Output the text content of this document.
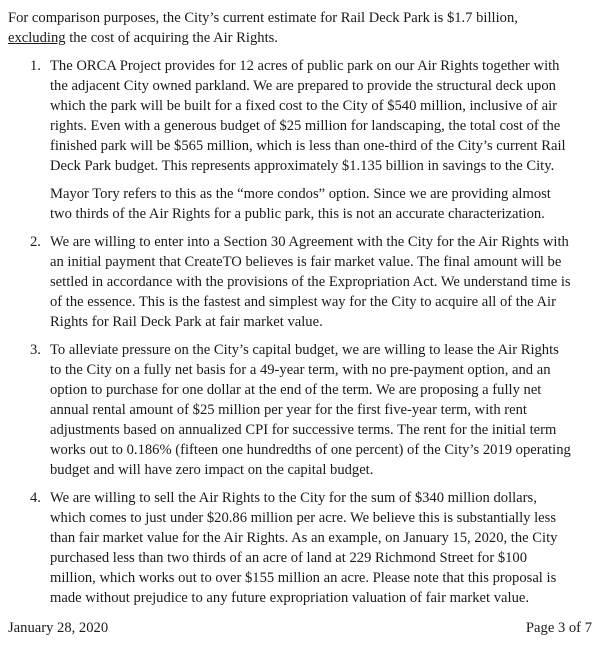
For comparison purposes, the City’s current estimate for Rail Deck Park is $1.7 billion,
excluding the cost of acquiring the Air Rights.
1. The ORCA Project provides for 12 acres of public park on our Air Rights together with
the adjacent City owned parkland. We are prepared to provide the structural deck upon
which the park will be built for a fixed cost to the City of $540 million, inclusive of air
rights. Even with a generous budget of $25 million for landscaping, the total cost of the
finished park will be $565 million, which is less than one-third of the City’s current Rail
Deck Park budget. This represents approximately $1.135 billion in savings to the City.
Mayor Tory refers to this as the “more condos” option. Since we are providing almost
two thirds of the Air Rights for a public park, this is not an accurate characterization.
2. We are willing to enter into a Section 30 Agreement with the City for the Air Rights with
an initial payment that CreateTO believes is fair market value. The final amount will be
settled in accordance with the provisions of the Expropriation Act. We understand time is
of the essence. This is the fastest and simplest way for the City to acquire all of the Air
Rights for Rail Deck Park at fair market value.
3. To alleviate pressure on the City’s capital budget, we are willing to lease the Air Rights
to the City on a fully net basis for a 49-year term, with no pre-payment option, and an
option to purchase for one dollar at the end of the term. We are proposing a fully net
annual rental amount of $25 million per year for the first five-year term, with rent
adjustments based on annualized CPI for successive terms. The rent for the initial term
works out to 0.186% (fifteen one hundredths of one percent) of the City’s 2019 operating
budget and will have zero impact on the capital budget.
4. We are willing to sell the Air Rights to the City for the sum of $340 million dollars,
which comes to just under $20.86 million per acre. We believe this is substantially less
than fair market value for the Air Rights. As an example, on January 15, 2020, the City
purchased less than two thirds of an acre of land at 229 Richmond Street for $100
million, which works out to over $155 million an acre. Please note that this proposal is
made without prejudice to any future expropriation valuation of fair market value.
January 28, 2020	Page 3 of 7
